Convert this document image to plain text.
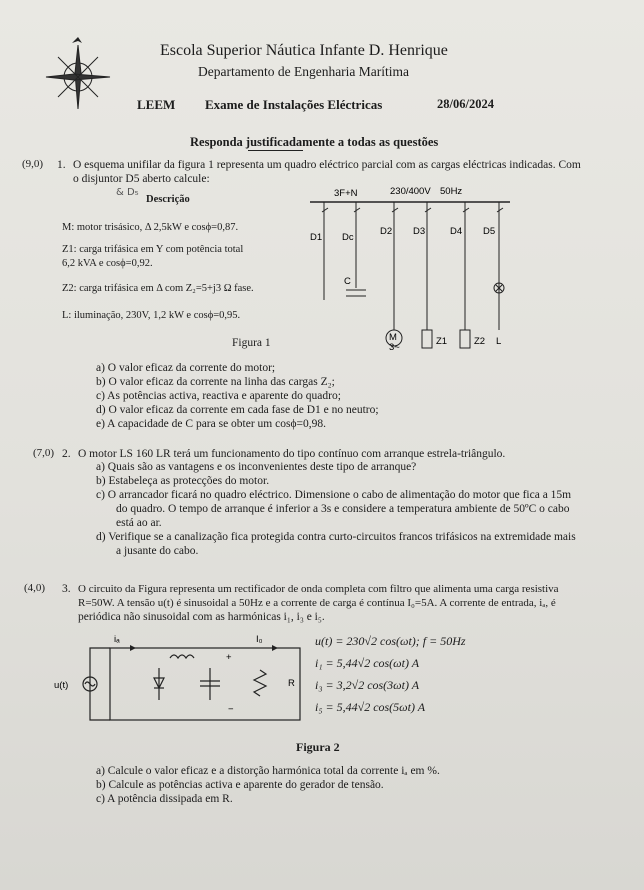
Escola Superior Náutica Infante D. Henrique
Departamento de Engenharia Marítima
LEEM Exame de Instalações Eléctricas	28/06/2024
Responda justificadamente a todas as questões
(9,0) 1. O esquema unifilar da figura 1 representa um quadro eléctrico parcial com as cargas eléctricas indicadas. Com
o disjuntor D5 aberto calcule:
& D₅
Descrição
M: motor trisásico, Δ 2,5kW e cosϕ=0,87.
Z1: carga trifásica em Y com potência total
6,2 kVA e cosϕ=0,92.
Z2: carga trifásica em Δ com Z₂=5+j3 Ω fase.
L: iluminação, 230V, 1,2 kW e cosϕ=0,95.
Figura 1
3F+N	230/400V 50Hz
D1 Dc
D2 D3	D4 D5
C
M
3~
Z1	Z2 L
a) O valor eficaz da corrente do motor;
b) O valor eficaz da corrente na linha das cargas Z₂;
c) As potências activa, reactiva e aparente do quadro;
d) O valor eficaz da corrente em cada fase de D1 e no neutro;
e) A capacidade de C para se obter um cosϕ=0,98.
(7,0) 2. O motor LS 160 LR terá um funcionamento do tipo contínuo com arranque estrela-triângulo.
a) Quais são as vantagens e os inconvenientes deste tipo de arranque?
b) Estabeleça as protecções do motor.
c) O arrancador ficará no quadro eléctrico. Dimensione o cabo de alimentação do motor que fica a 15m
do quadro. O tempo de arranque é inferior a 3s e considere a temperatura ambiente de 50ºC o cabo
está ao ar.
d) Verifique se a canalização fica protegida contra curto-circuitos francos trifásicos na extremidade mais
a jusante do cabo.
(4,0) 3. O circuito da Figura representa um rectificador de onda completa com filtro que alimenta uma carga resistiva
R=50W. A tensão u(t) é sinusoidal a 50Hz e a corrente de carga é contínua I₀=5A. A corrente de entrada, iₐ, é
periódica não sinusoidal com as harmónicas i₁, i₃ e i₅.
iₐ	I₀
u(t)	R
+
−
u(t) = 230√2 cos(ωt); f = 50Hz
i₁ = 5,44√2 cos(ωt) A
i₃ = 3,2√2 cos(3ωt) A
i₅ = 5,44√2 cos(5ωt) A
Figura 2
a) Calcule o valor eficaz e a distorção harmónica total da corrente iₐ em %.
b) Calcule as potências activa e aparente do gerador de tensão.
c) A potência dissipada em R.
